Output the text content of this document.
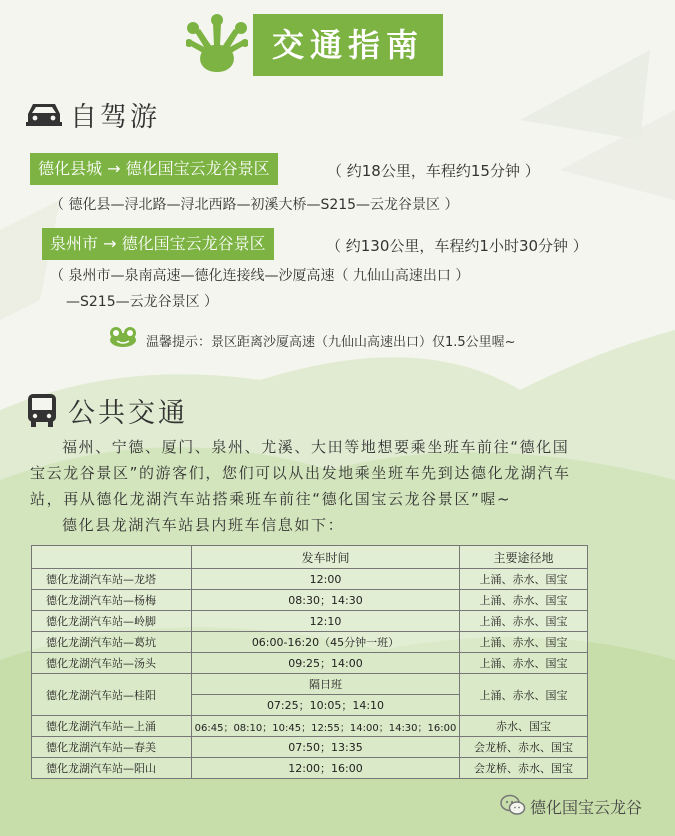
交通指南
自驾游
德化县城 → 德化国宝云龙谷景区	（ 约18公里，车程约15分钟 ）
（ 德化县—浔北路—浔北西路—初溪大桥—S215—云龙谷景区 ）
泉州市 → 德化国宝云龙谷景区	（ 约130公里，车程约1小时30分钟 ）
（ 泉州市—泉南高速—德化连接线—沙厦高速（ 九仙山高速出口 ）
—S215—云龙谷景区 ）
温馨提示：景区距离沙厦高速（九仙山高速出口）仅1.5公里喔~
公共交通
福州、宁德、厦门、泉州、尤溪、大田等地想要乘坐班车前往“德化国
宝云龙谷景区”的游客们，您们可以从出发地乘坐班车先到达德化龙湖汽车
站，再从德化龙湖汽车站搭乘班车前往“德化国宝云龙谷景区”喔~
德化县龙湖汽车站县内班车信息如下：
	发车时间	主要途径地
德化龙湖汽车站—龙塔	12:00	上涌、赤水、国宝
德化龙湖汽车站—杨梅	08:30；14:30	上涌、赤水、国宝
德化龙湖汽车站—岭脚	12:10	上涌、赤水、国宝
德化龙湖汽车站—葛坑	06:00-16:20（45分钟一班）	上涌、赤水、国宝
德化龙湖汽车站—汤头	09:25；14:00	上涌、赤水、国宝
德化龙湖汽车站—桂阳	隔日班	上涌、赤水、国宝
	07:25；10:05；14:10	
德化龙湖汽车站—上涌	06:45；08:10；10:45；12:55；14:00；14:30；16:00	赤水、国宝
德化龙湖汽车站—春美	07:50；13:35	会龙桥、赤水、国宝
德化龙湖汽车站—阳山	12:00；16:00	会龙桥、赤水、国宝
德化国宝云龙谷
